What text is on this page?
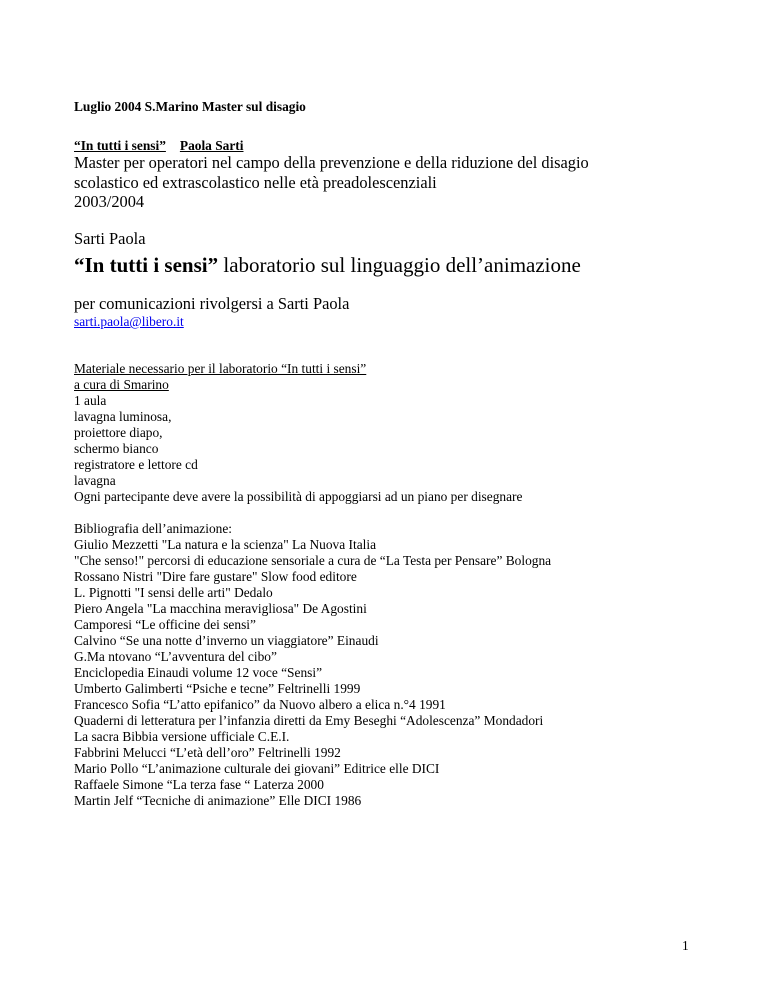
Luglio 2004 S.Marino Master sul disagio
“In tutti i sensi” Paola Sarti
Master per operatori nel campo della prevenzione e della riduzione del disagio
scolastico ed extrascolastico nelle età preadolescenziali
2003/2004
Sarti Paola
“In tutti i sensi” laboratorio sul linguaggio dell’animazione
per comunicazioni rivolgersi a Sarti Paola
sarti.paola@libero.it
Materiale necessario per il laboratorio “In tutti i sensi”
a cura di Smarino
1 aula
lavagna luminosa,
proiettore diapo,
schermo bianco
registratore e lettore cd
lavagna
Ogni partecipante deve avere la possibilità di appoggiarsi ad un piano per disegnare
Bibliografia dell’animazione:
Giulio Mezzetti "La natura e la scienza" La Nuova Italia
"Che senso!" percorsi di educazione sensoriale a cura de “La Testa per Pensare” Bologna
Rossano Nistri "Dire fare gustare" Slow food editore
L. Pignotti "I sensi delle arti" Dedalo
Piero Angela "La macchina meravigliosa" De Agostini
Camporesi “Le officine dei sensi”
Calvino “Se una notte d’inverno un viaggiatore” Einaudi
G.Ma ntovano “L’avventura del cibo”
Enciclopedia Einaudi volume 12 voce “Sensi”
Umberto Galimberti “Psiche e tecne” Feltrinelli 1999
Francesco Sofia “L’atto epifanico” da Nuovo albero a elica n.°4 1991
Quaderni di letteratura per l’infanzia diretti da Emy Beseghi “Adolescenza” Mondadori
La sacra Bibbia versione ufficiale C.E.I.
Fabbrini Melucci “L’età dell’oro” Feltrinelli 1992
Mario Pollo “L’animazione culturale dei giovani” Editrice elle DICI
Raffaele Simone “La terza fase “ Laterza 2000
Martin Jelf “Tecniche di animazione” Elle DICI 1986
1
